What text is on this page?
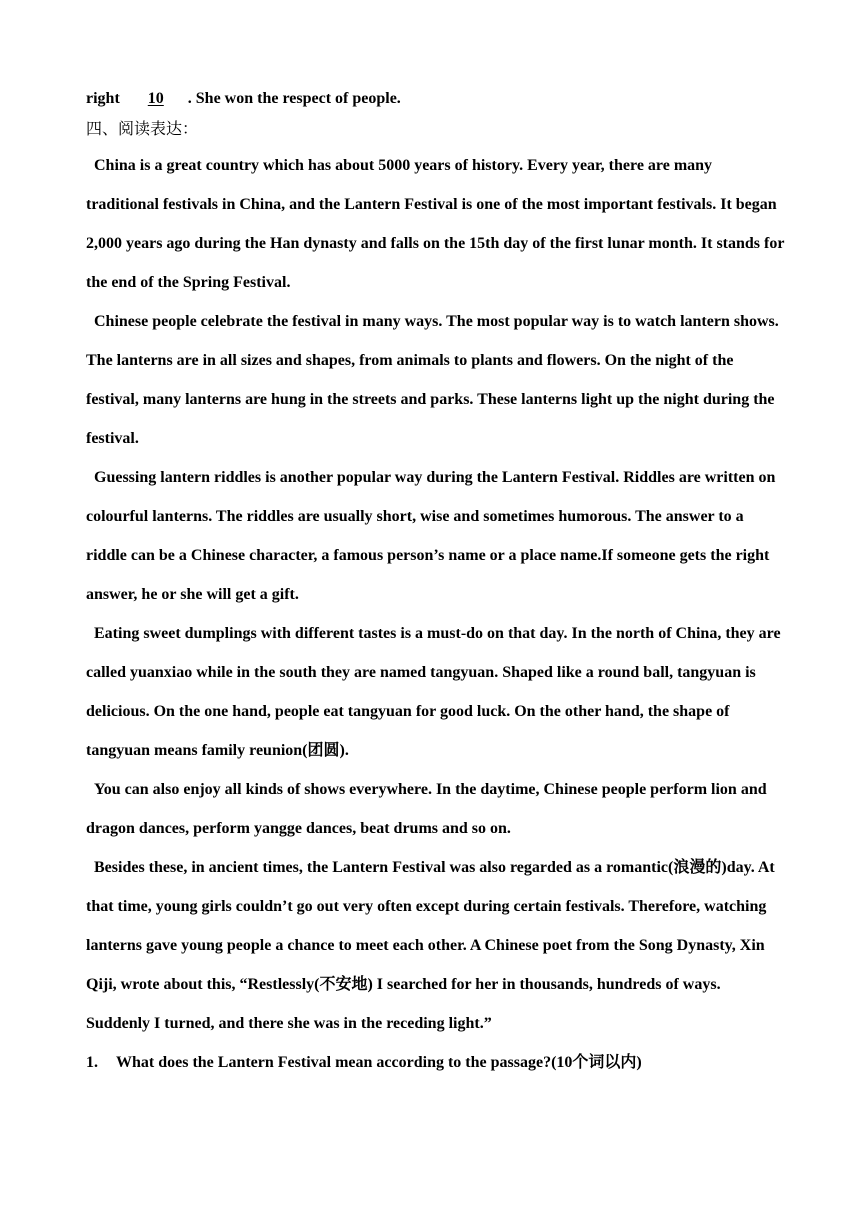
right 10 . She won the respect of people.

四、阅读表达：

China is a great country which has about 5000 years of history. Every year, there are many traditional festivals in China, and the Lantern Festival is one of the most important festivals. It began 2,000 years ago during the Han dynasty and falls on the 15th day of the first lunar month. It stands for the end of the Spring Festival.

Chinese people celebrate the festival in many ways. The most popular way is to watch lantern shows. The lanterns are in all sizes and shapes, from animals to plants and flowers. On the night of the festival, many lanterns are hung in the streets and parks. These lanterns light up the night during the festival.

Guessing lantern riddles is another popular way during the Lantern Festival. Riddles are written on colourful lanterns. The riddles are usually short, wise and sometimes humorous. The answer to a riddle can be a Chinese character, a famous person’s name or a place name.If someone gets the right answer, he or she will get a gift.

Eating sweet dumplings with different tastes is a must-do on that day. In the north of China, they are called yuanxiao while in the south they are named tangyuan. Shaped like a round ball, tangyuan is delicious. On the one hand, people eat tangyuan for good luck. On the other hand, the shape of tangyuan means family reunion(团圆).

You can also enjoy all kinds of shows everywhere. In the daytime, Chinese people perform lion and dragon dances, perform yangge dances, beat drums and so on.

Besides these, in ancient times, the Lantern Festival was also regarded as a romantic(浪漫的)day. At that time, young girls couldn’t go out very often except during certain festivals. Therefore, watching lanterns gave young people a chance to meet each other. A Chinese poet from the Song Dynasty, Xin Qiji, wrote about this, “Restlessly(不安地) I searched for her in thousands, hundreds of ways. Suddenly I turned, and there she was in the receding light.”

1. What does the Lantern Festival mean according to the passage?(10个词以内)
